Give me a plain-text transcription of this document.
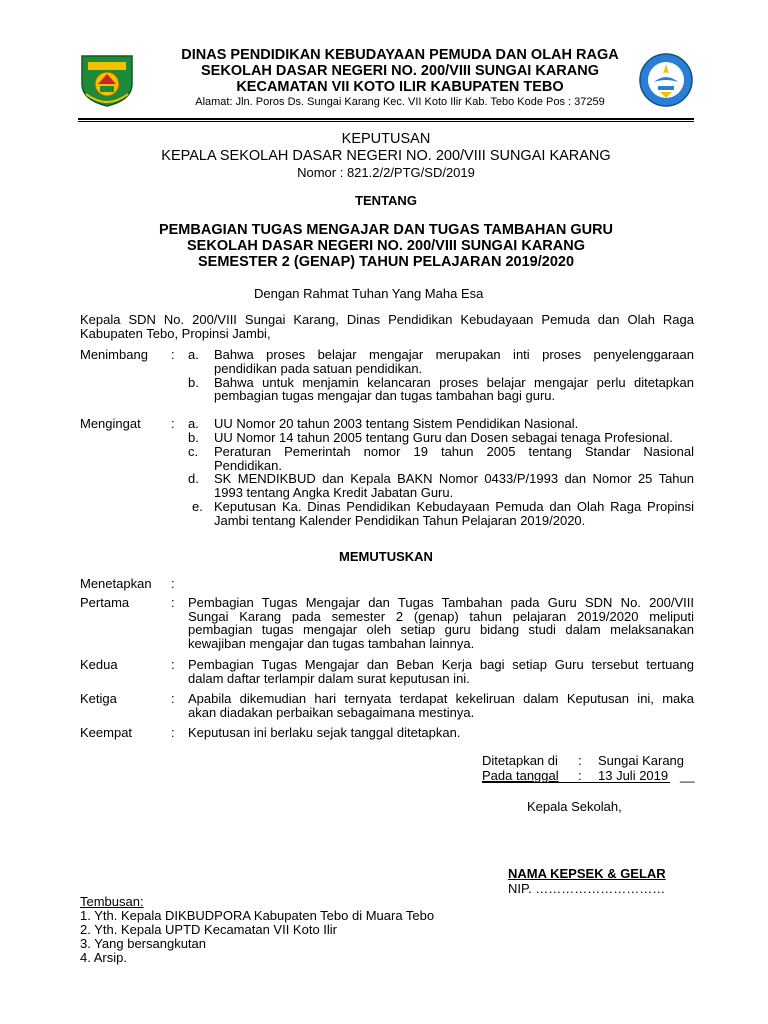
DINAS PENDIDIKAN KEBUDAYAAN PEMUDA DAN OLAH RAGA
SEKOLAH DASAR NEGERI NO. 200/VIII SUNGAI KARANG
KECAMATAN VII KOTO ILIR KABUPATEN TEBO
Alamat: Jln. Poros Ds. Sungai Karang Kec. VII Koto Ilir Kab. Tebo Kode Pos : 37259
KEPUTUSAN
KEPALA SEKOLAH DASAR NEGERI NO. 200/VIII SUNGAI KARANG
Nomor : 821.2/2/PTG/SD/2019
TENTANG
PEMBAGIAN TUGAS MENGAJAR DAN TUGAS TAMBAHAN GURU
SEKOLAH DASAR NEGERI NO. 200/VIII SUNGAI KARANG
SEMESTER 2 (GENAP) TAHUN PELAJARAN 2019/2020
Dengan Rahmat Tuhan Yang Maha Esa
Kepala SDN No. 200/VIII Sungai Karang, Dinas Pendidikan Kebudayaan Pemuda dan Olah Raga
Kabupaten Tebo, Propinsi Jambi,
Menimbang : a. Bahwa proses belajar mengajar merupakan inti proses penyelenggaraan
pendidikan pada satuan pendidikan.
b. Bahwa untuk menjamin kelancaran proses belajar mengajar perlu ditetapkan
pembagian tugas mengajar dan tugas tambahan bagi guru.
Mengingat : a. UU Nomor 20 tahun 2003 tentang Sistem Pendidikan Nasional.
b. UU Nomor 14 tahun 2005 tentang Guru dan Dosen sebagai tenaga Profesional.
c. Peraturan Pemerintah nomor 19 tahun 2005 tentang Standar Nasional
Pendidikan.
d. SK MENDIKBUD dan Kepala BAKN Nomor 0433/P/1993 dan Nomor 25 Tahun
1993 tentang Angka Kredit Jabatan Guru.
e. Keputusan Ka. Dinas Pendidikan Kebudayaan Pemuda dan Olah Raga Propinsi
Jambi tentang Kalender Pendidikan Tahun Pelajaran 2019/2020.
MEMUTUSKAN
Menetapkan :
Pertama	: Pembagian Tugas Mengajar dan Tugas Tambahan pada Guru SDN No. 200/VIII
Sungai Karang pada semester 2 (genap) tahun pelajaran 2019/2020 meliputi
pembagian tugas mengajar oleh setiap guru bidang studi dalam melaksanakan
kewajiban mengajar dan tugas tambahan lainnya.
Kedua	: Pembagian Tugas Mengajar dan Beban Kerja bagi setiap Guru tersebut tertuang
dalam daftar terlampir dalam surat keputusan ini.
Ketiga	: Apabila dikemudian hari ternyata terdapat kekeliruan dalam Keputusan ini, maka
akan diadakan perbaikan sebagaimana mestinya.
Keempat	: Keputusan ini berlaku sejak tanggal ditetapkan.
Ditetapkan di : Sungai Karang
Pada tanggal	: 13 Juli 2019 __
Kepala Sekolah,
NAMA KEPSEK & GELAR
NIP. …………………………
Tembusan:
1. Yth. Kepala DIKBUDPORA Kabupaten Tebo di Muara Tebo
2. Yth. Kepala UPTD Kecamatan VII Koto Ilir
3. Yang bersangkutan
4. Arsip.
